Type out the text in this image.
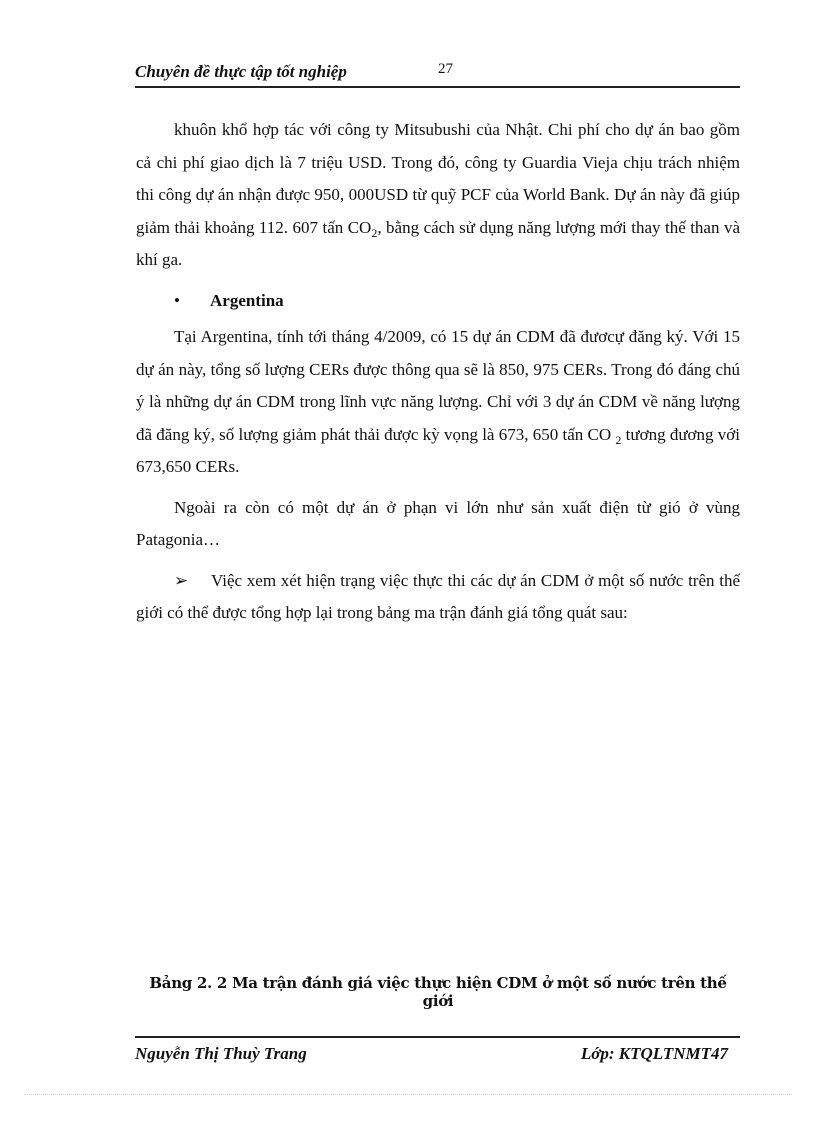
Chuyên đề thực tập tốt nghiệp	27

khuôn khổ hợp tác với công ty Mitsubushi của Nhật. Chi phí cho dự án bao gồm cả chi phí giao dịch là 7 triệu USD. Trong đó, công ty Guardia Vieja chịu trách nhiệm thi công dự án nhận được 950, 000USD từ quỹ PCF của World Bank. Dự án này đã giúp giảm thải khoảng 112. 607 tấn $CO_2$, bằng cách sử dụng năng lượng mới thay thế than và khí ga.

• Argentina

Tại Argentina, tính tới tháng 4/2009, có 15 dự án CDM đã đươcự đăng ký. Với 15 dự án này, tổng số lượng CERs được thông qua sẽ là 850, 975 CERs. Trong đó đáng chú ý là những dự án CDM trong lĩnh vực năng lượng. Chỉ với 3 dự án CDM về năng lượng đã đăng ký, số lượng giảm phát thải được kỳ vọng là 673, 650 tấn CO $_2$ tương đương với 673,650 CERs.

Ngoài ra còn có một dự án ở phạn vi lớn như sản xuất điện từ gió ở vùng Patagonia…

➢ Việc xem xét hiện trạng việc thực thi các dự án CDM ở một số nước trên thế giới có thể được tổng hợp lại trong bảng ma trận đánh giá tổng quát sau:

Bảng 2. 2 Ma trận đánh giá việc thực hiện CDM ở một số nước trên thế giới
Nguyễn Thị Thuỳ Trang	Lớp: KTQLTNMT47
